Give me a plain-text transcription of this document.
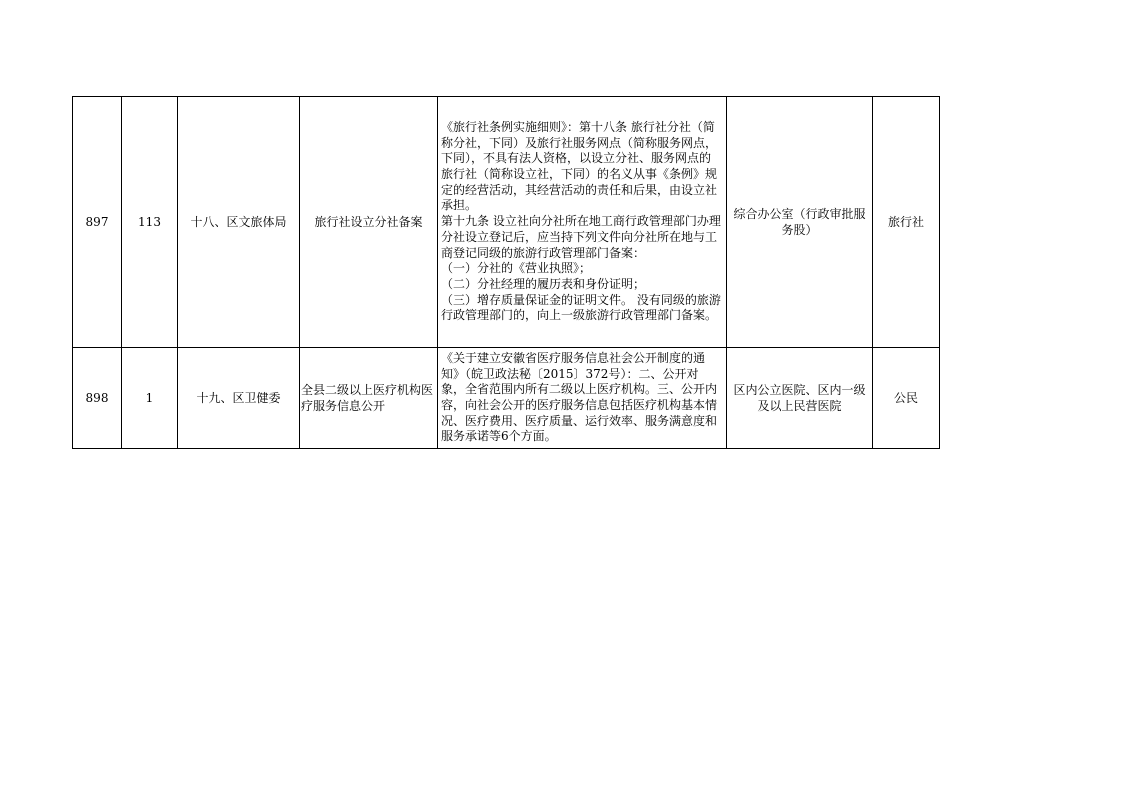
897	113	十八、区文旅体局	旅行社设立分社备案	《旅行社条例实施细则》：第十八条 旅行社分社（简称分社，下同）及旅行社服务网点（简称服务网点，下同），不具有法人资格，以设立分社、服务网点的旅行社（简称设立社，下同）的名义从事《条例》规定的经营活动，其经营活动的责任和后果，由设立社承担。
第十九条 设立社向分社所在地工商行政管理部门办理分社设立登记后，应当持下列文件向分社所在地与工商登记同级的旅游行政管理部门备案：
（一）分社的《营业执照》；
（二）分社经理的履历表和身份证明；
（三）增存质量保证金的证明文件。 没有同级的旅游行政管理部门的，向上一级旅游行政管理部门备案。	综合办公室（行政审批服务股）	旅行社
898	1	十九、区卫健委	全县二级以上医疗机构医疗服务信息公开	《关于建立安徽省医疗服务信息社会公开制度的通知》（皖卫政法秘〔2015〕372号）：二、公开对象，全省范围内所有二级以上医疗机构。三、公开内容，向社会公开的医疗服务信息包括医疗机构基本情况、医疗费用、医疗质量、运行效率、服务满意度和服务承诺等6个方面。	区内公立医院、区内一级及以上民营医院	公民
